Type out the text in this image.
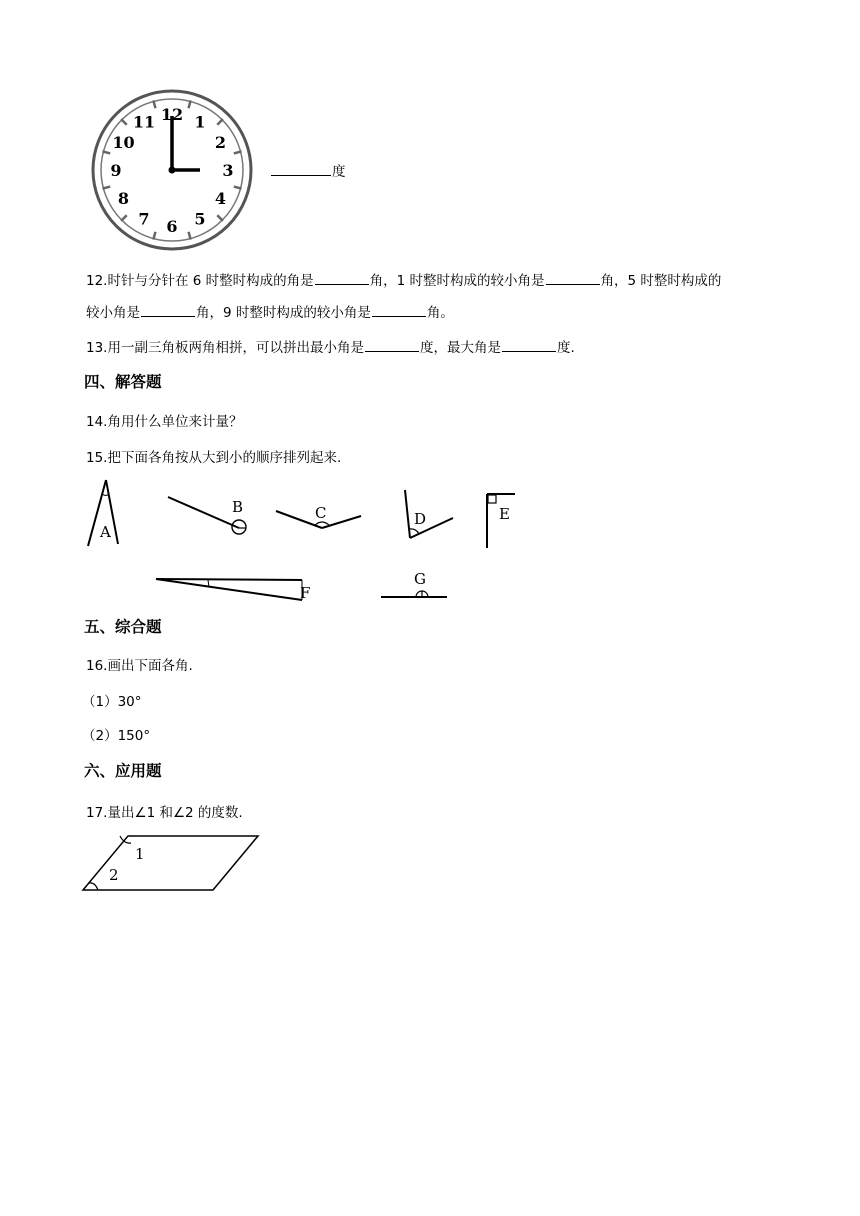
12 1
2
3
4
5
6
7
8
9
10
11
度
12.时针与分针在 6 时整时构成的角是	角，1 时整时构成的较小角是	角，5 时整时构成的
较小角是	角，9 时整时构成的较小角是	角。
13.用一副三角板两角相拼，可以拼出最小角是	度，最大角是	度.
四、解答题
14.角用什么单位来计量？
15.把下面各角按从大到小的顺序排列起来.
A
B	C	D	E
F
G
五、综合题
16.画出下面各角.
（1）30°
（2）150°
六、应用题
17.量出∠1 和∠2 的度数.
1
2
